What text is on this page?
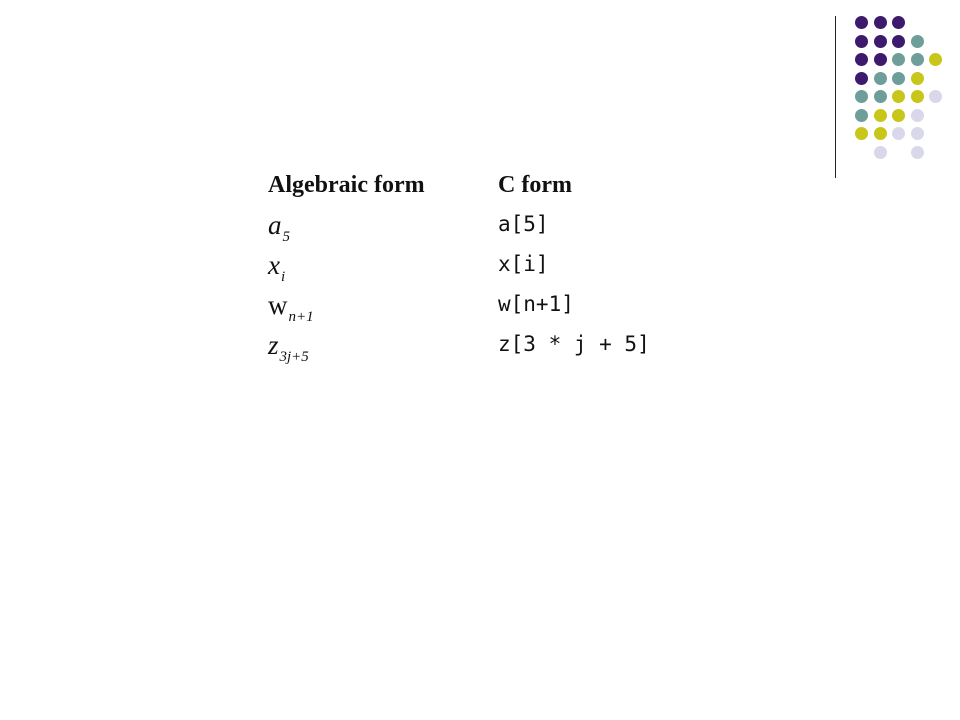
Algebraic form	C form
$a_5$
a[5]
$x_i$
x[i]
$w_{n+1}$
w[n+1]
$z_{3j+5}$
z[3 * j + 5]
